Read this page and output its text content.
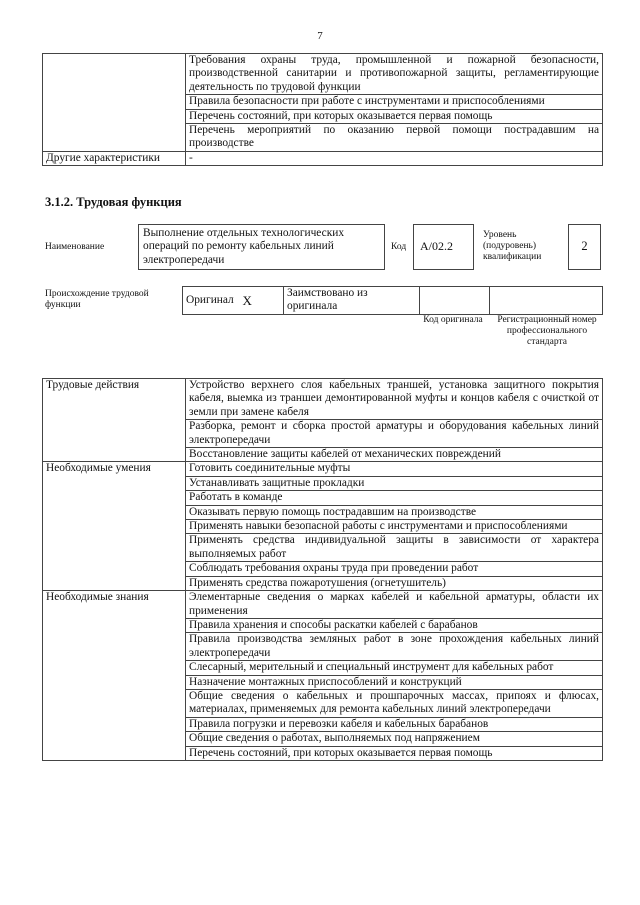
7
	Требования охраны труда, промышленной и пожарной безопасности, производственной санитарии и противопожарной защиты, регламентирующие деятельность по трудовой функции
	Правила безопасности при работе с инструментами и приспособлениями
	Перечень состояний, при которых оказывается первая помощь
	Перечень мероприятий по оказанию первой помощи пострадавшим на производстве
Другие характеристики	-
3.1.2. Трудовая функция
Наименование
Выполнение отдельных технологических операций по ремонту кабельных линий электропередачи
Код	А/02.2
Уровень (подуровень) квалификации
2
Происхождение трудовой функции	Оригинал	X	Заимствовано из оригинала		
Код оригинала	Регистрационный номер профессионального стандарта
Трудовые действия	Устройство верхнего слоя кабельных траншей, установка защитного покрытия кабеля, выемка из траншеи демонтированной муфты и концов кабеля с очисткой от земли при замене кабеля
	Разборка, ремонт и сборка простой арматуры и оборудования кабельных линий электропередачи
	Восстановление защиты кабелей от механических повреждений
Необходимые умения	Готовить соединительные муфты
	Устанавливать защитные прокладки
	Работать в команде
	Оказывать первую помощь пострадавшим на производстве
	Применять навыки безопасной работы с инструментами и приспособлениями
	Применять средства индивидуальной защиты в зависимости от характера выполняемых работ
	Соблюдать требования охраны труда при проведении работ
	Применять средства пожаротушения (огнетушитель)
Необходимые знания	Элементарные сведения о марках кабелей и кабельной арматуры, области их применения
	Правила хранения и способы раскатки кабелей с барабанов
	Правила производства земляных работ в зоне прохождения кабельных линий электропередачи
	Слесарный, мерительный и специальный инструмент для кабельных работ
	Назначение монтажных приспособлений и конструкций
	Общие сведения о кабельных и прошпарочных массах, припоях и флюсах, материалах, применяемых для ремонта кабельных линий электропередачи
	Правила погрузки и перевозки кабеля и кабельных барабанов
	Общие сведения о работах, выполняемых под напряжением
	Перечень состояний, при которых оказывается первая помощь
